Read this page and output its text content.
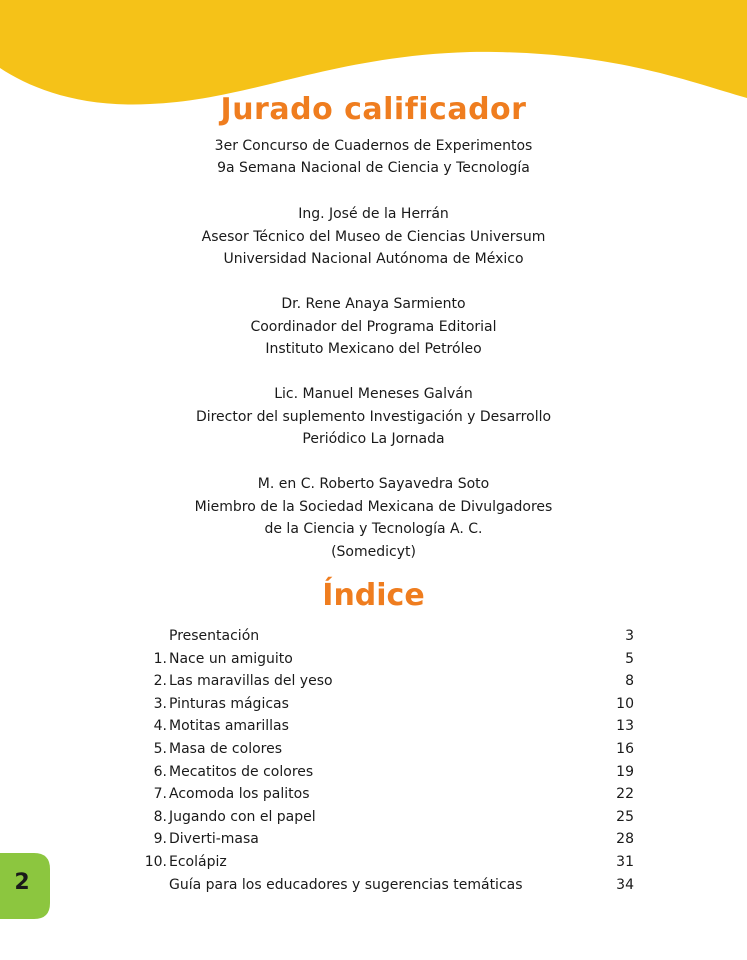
2
Jurado calificador
3er Concurso de Cuadernos de Experimentos
9a Semana Nacional de Ciencia y Tecnología
Ing. José de la Herrán
Asesor Técnico del Museo de Ciencias Universum
Universidad Nacional Autónoma de México
Dr. Rene Anaya Sarmiento
Coordinador del Programa Editorial
Instituto Mexicano del Petróleo
Lic. Manuel Meneses Galván
Director del suplemento Investigación y Desarrollo
Periódico La Jornada
M. en C. Roberto Sayavedra Soto
Miembro de la Sociedad Mexicana de Divulgadores
de la Ciencia y Tecnología A. C.
(Somedicyt)
Índice
Presentación	3
1. Nace un amiguito	5
2. Las maravillas del yeso	8
3. Pinturas mágicas	10
4. Motitas amarillas	13
5. Masa de colores	16
6. Mecatitos de colores	19
7. Acomoda los palitos	22
8. Jugando con el papel	25
9. Diverti-masa	28
10. Ecolápiz	31
Guía para los educadores y sugerencias temáticas	34
